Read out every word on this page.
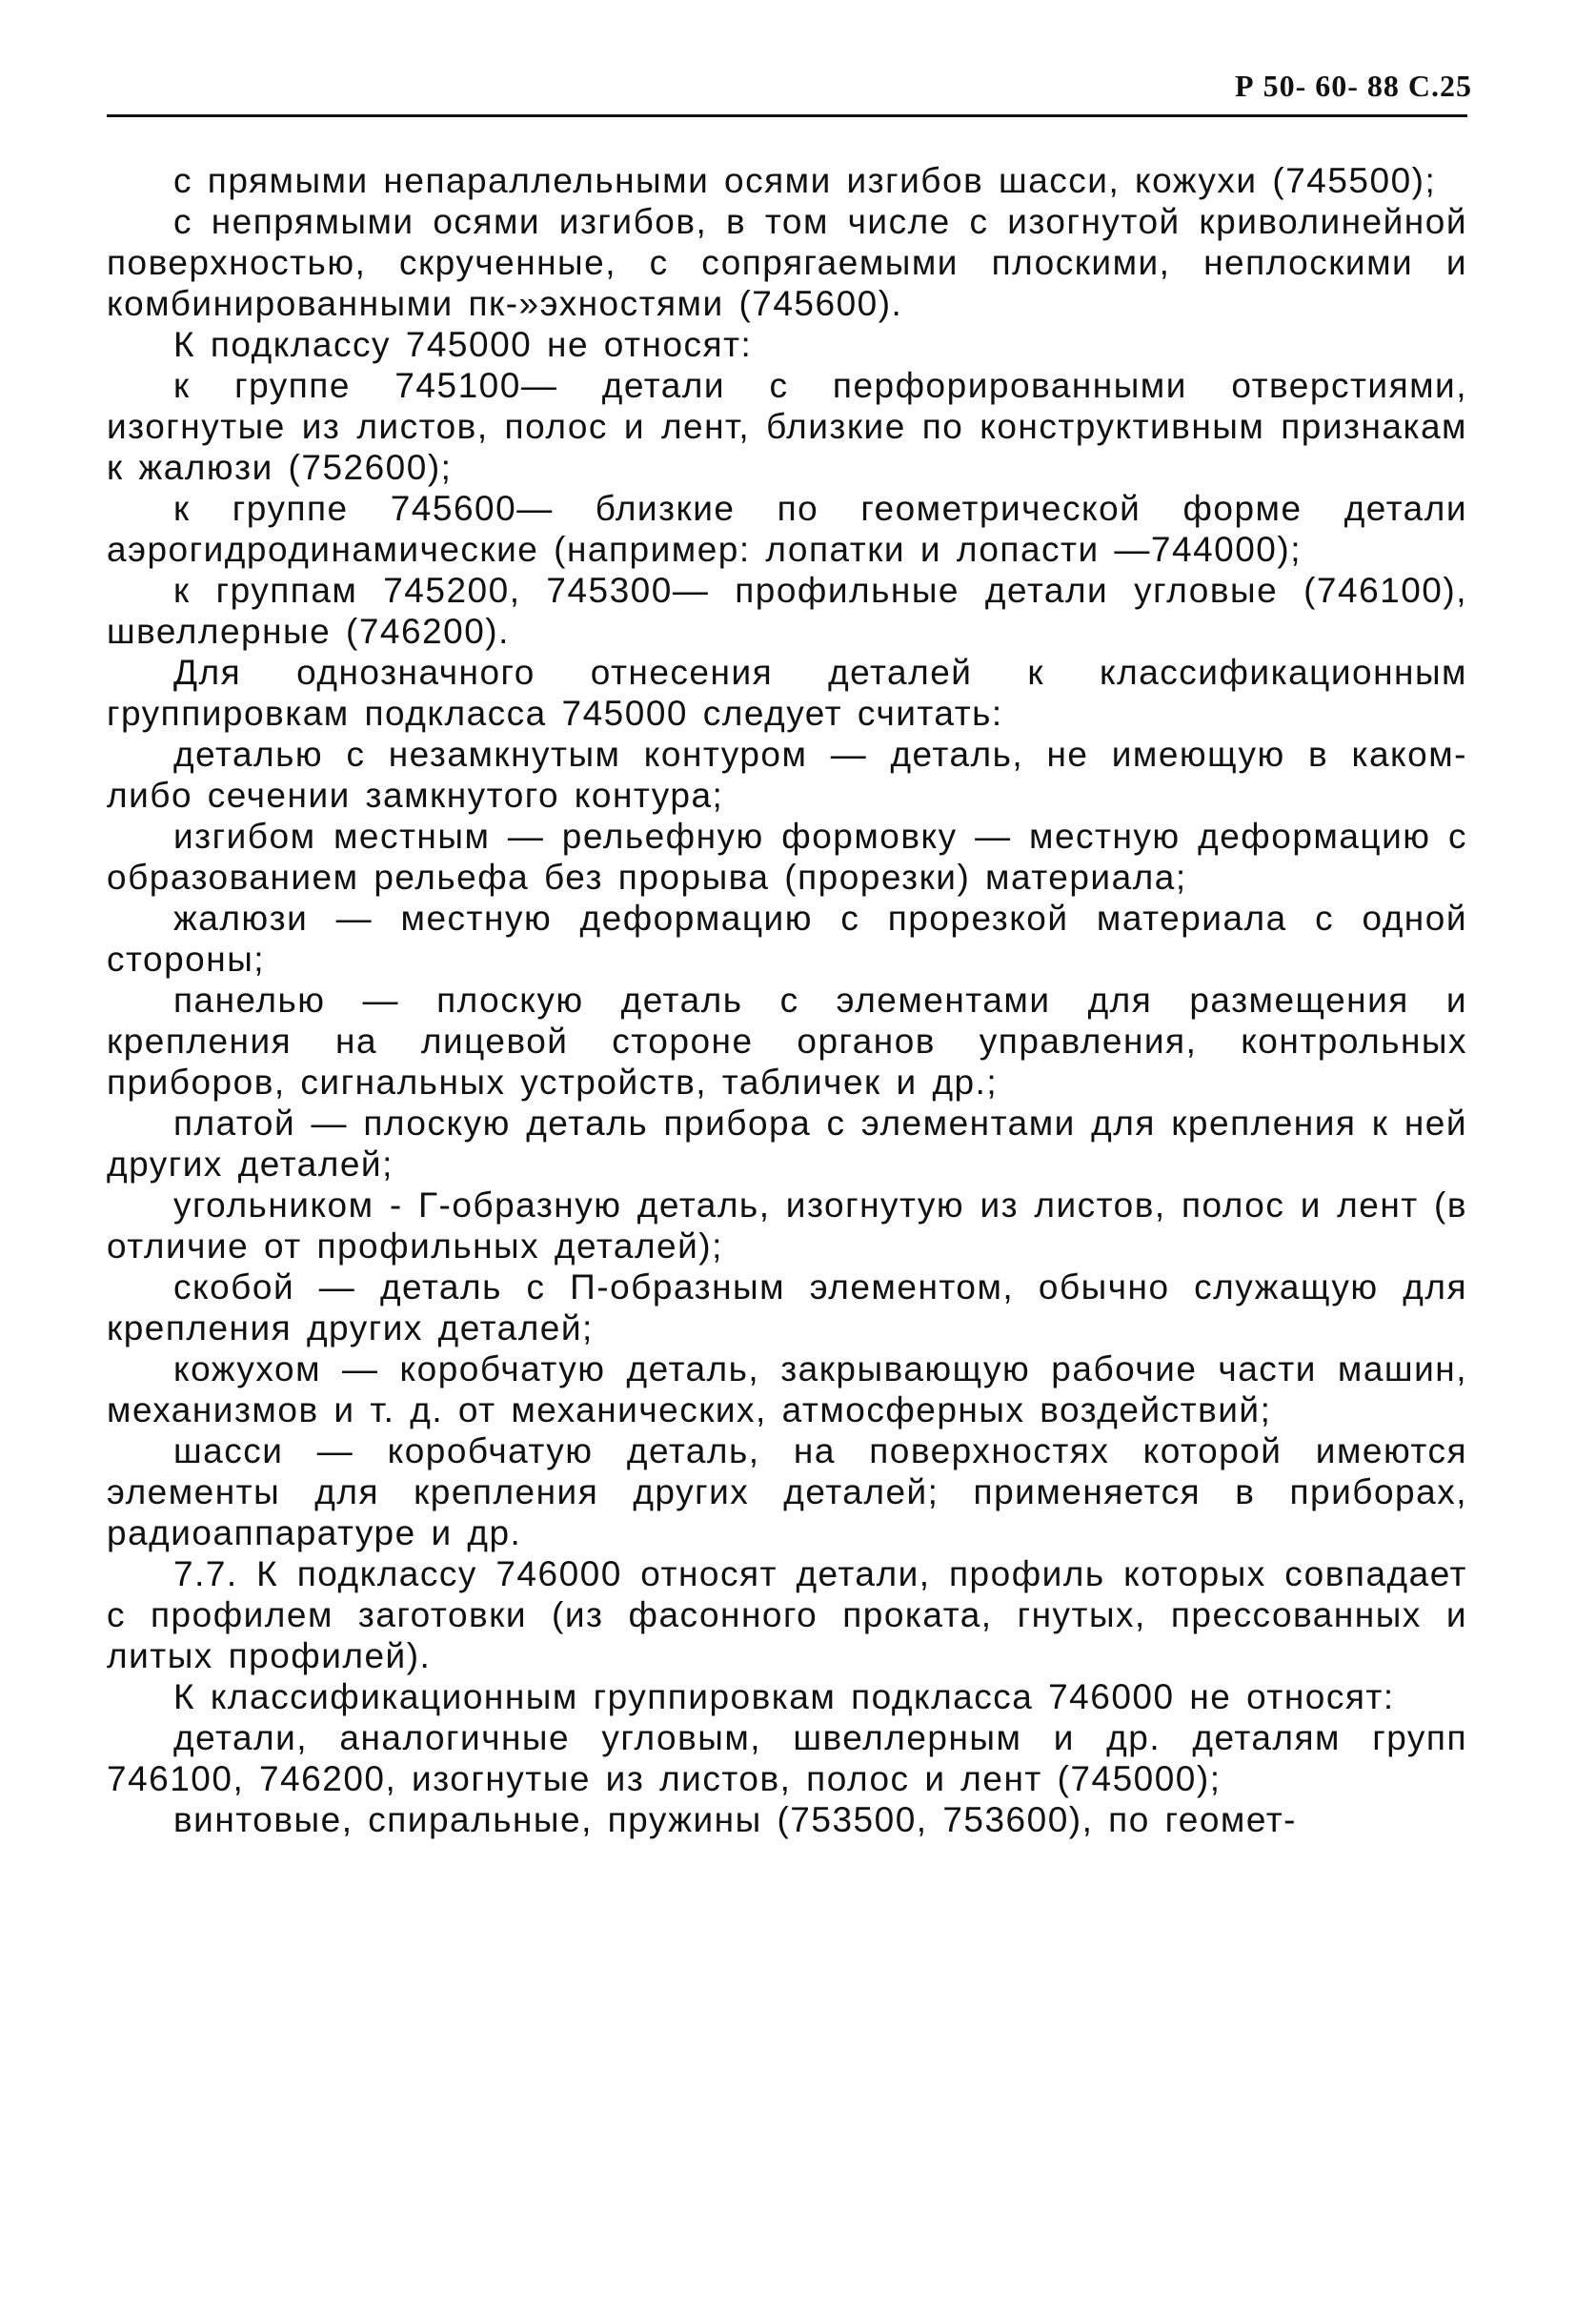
Р 50- 60- 88 С.25

с прямыми непараллельными осями изгибов шасси, кожухи (745500);

с непрямыми осями изгибов, в том числе с изогнутой криволинейной поверхностью, скрученные, с сопрягаемыми плоскими, неплоскими и комбинированными пк-»эхностями (745600).

К подклассу 745000 не относят:

к группе 745100— детали с перфорированными отверстиями, изогнутые из листов, полос и лент, близкие по конструктивным признакам к жалюзи (752600);

к группе 745600— близкие по геометрической форме детали аэрогидродинамические (например: лопатки и лопасти —744000);

к группам 745200, 745300— профильные детали угловые (746100), швеллерные (746200).

Для однозначного отнесения деталей к классификационным группировкам подкласса 745000 следует считать:

деталью с незамкнутым контуром — деталь, не имеющую в каком-либо сечении замкнутого контура;

изгибом местным — рельефную формовку — местную деформацию с образованием рельефа без прорыва (прорезки) материала;

жалюзи — местную деформацию с прорезкой материала с одной стороны;

панелью — плоскую деталь с элементами для размещения и крепления на лицевой стороне органов управления, контрольных приборов, сигнальных устройств, табличек и др.;

платой — плоскую деталь прибора с элементами для крепления к ней других деталей;

угольником - Г-образную деталь, изогнутую из листов, полос и лент (в отличие от профильных деталей);

скобой — деталь с П-образным элементом, обычно служащую для крепления других деталей;

кожухом — коробчатую деталь, закрывающую рабочие части машин, механизмов и т. д. от механических, атмосферных воздействий;

шасси — коробчатую деталь, на поверхностях которой имеются элементы для крепления других деталей; применяется в приборах, радиоаппаратуре и др.

7.7. К подклассу 746000 относят детали, профиль которых совпадает с профилем заготовки (из фасонного проката, гнутых, прессованных и литых профилей).

К классификационным группировкам подкласса 746000 не относят:

детали, аналогичные угловым, швеллерным и др. деталям групп 746100, 746200, изогнутые из листов, полос и лент (745000);

винтовые, спиральные, пружины (753500, 753600), по геомет-
